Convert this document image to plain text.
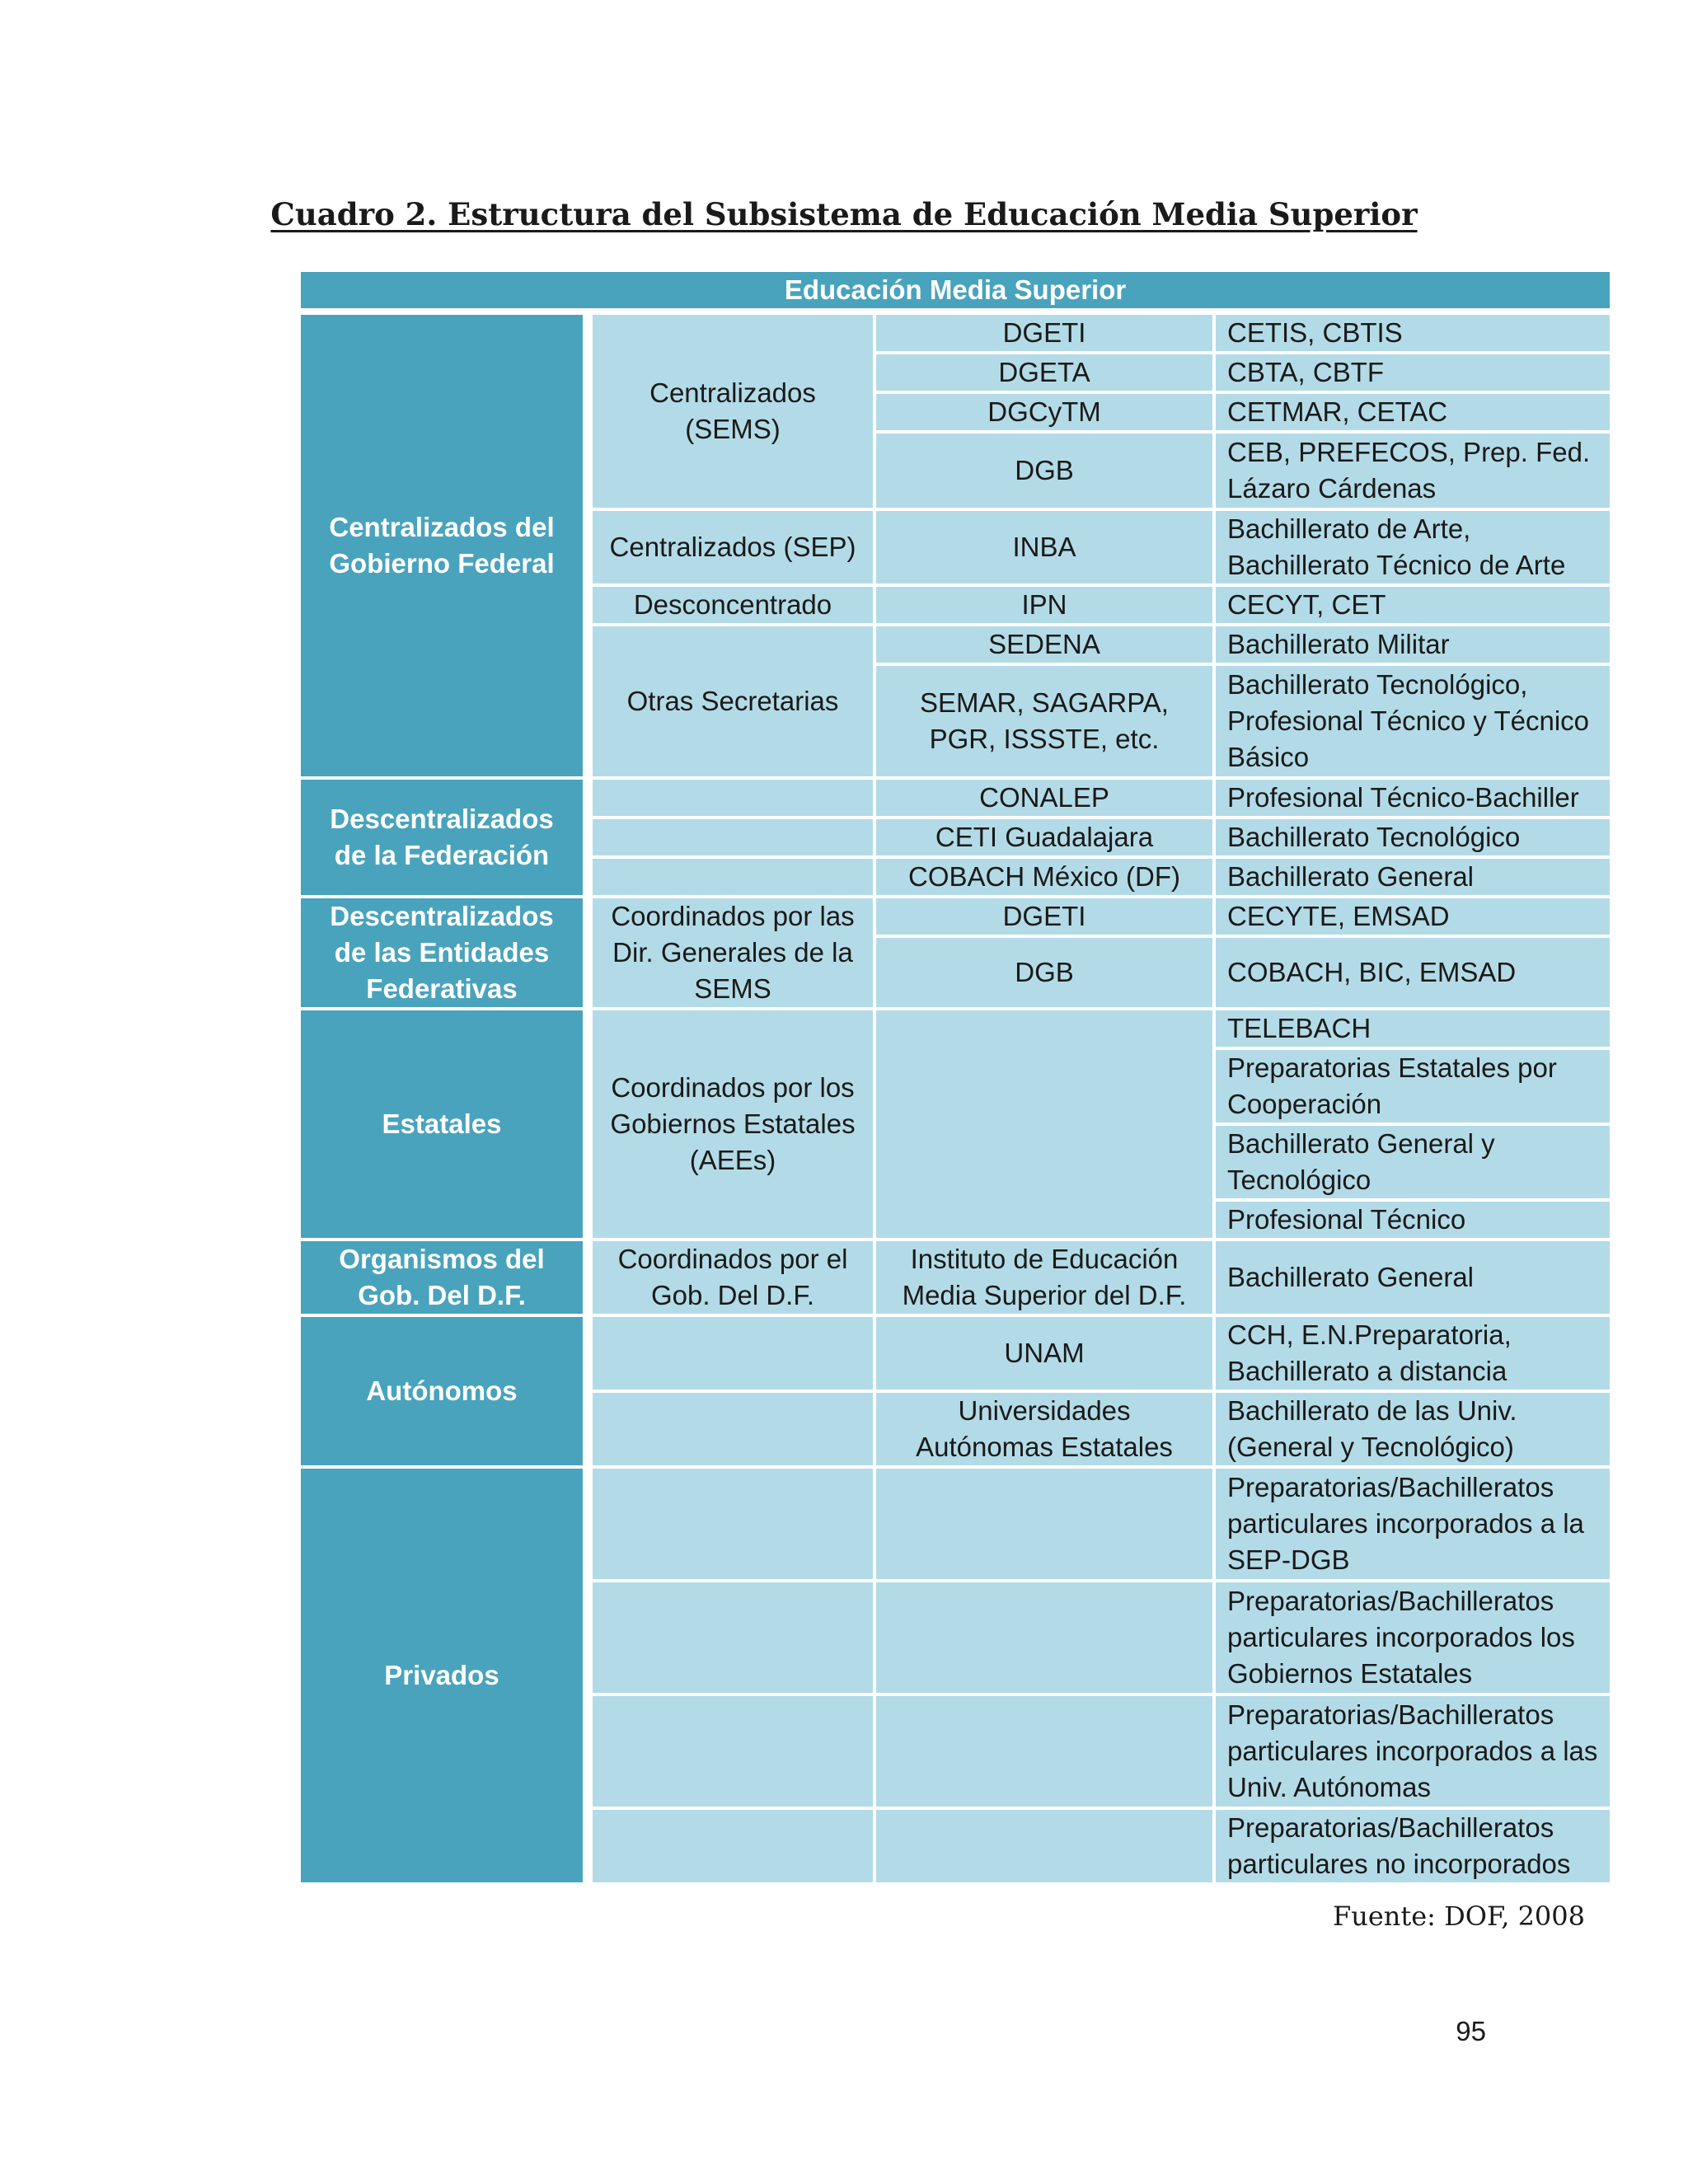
Cuadro 2. Estructura del Subsistema de Educación Media Superior
Educación Media Superior			
Centralizados del Gobierno Federal	Centralizados (SEMS)	DGETI	CETIS, CBTIS
		DGETA	CBTA, CBTF
		DGCyTM	CETMAR, CETAC
		DGB	CEB, PREFECOS, Prep. Fed. Lázaro Cárdenas
	Centralizados (SEP)	INBA	Bachillerato de Arte, Bachillerato Técnico de Arte
	Desconcentrado	IPN	CECYT, CET
	Otras Secretarias	SEDENA	Bachillerato Militar
		SEMAR, SAGARPA, PGR, ISSSTE, etc.	Bachillerato Tecnológico, Profesional Técnico y Técnico Básico
Descentralizados de la Federación		CONALEP	Profesional Técnico-Bachiller
		CETI Guadalajara	Bachillerato Tecnológico
		COBACH México (DF)	Bachillerato General
Descentralizados de las Entidades Federativas	Coordinados por las Dir. Generales de la SEMS	DGETI	CECYTE, EMSAD
		DGB	COBACH, BIC, EMSAD
Estatales	Coordinados por los Gobiernos Estatales (AEEs)		TELEBACH
			Preparatorias Estatales por Cooperación
			Bachillerato General y Tecnológico
			Profesional Técnico
Organismos del Gob. Del D.F.	Coordinados por el Gob. Del D.F.	Instituto de Educación Media Superior del D.F.	Bachillerato General
Autónomos		UNAM	CCH, E.N.Preparatoria, Bachillerato a distancia
		Universidades Autónomas Estatales	Bachillerato de las Univ. (General y Tecnológico)
Privados			Preparatorias/Bachilleratos particulares incorporados a la SEP-DGB
			Preparatorias/Bachilleratos particulares incorporados los Gobiernos Estatales
			Preparatorias/Bachilleratos particulares incorporados a las Univ. Autónomas
			Preparatorias/Bachilleratos particulares no incorporados
Fuente: DOF, 2008
95
